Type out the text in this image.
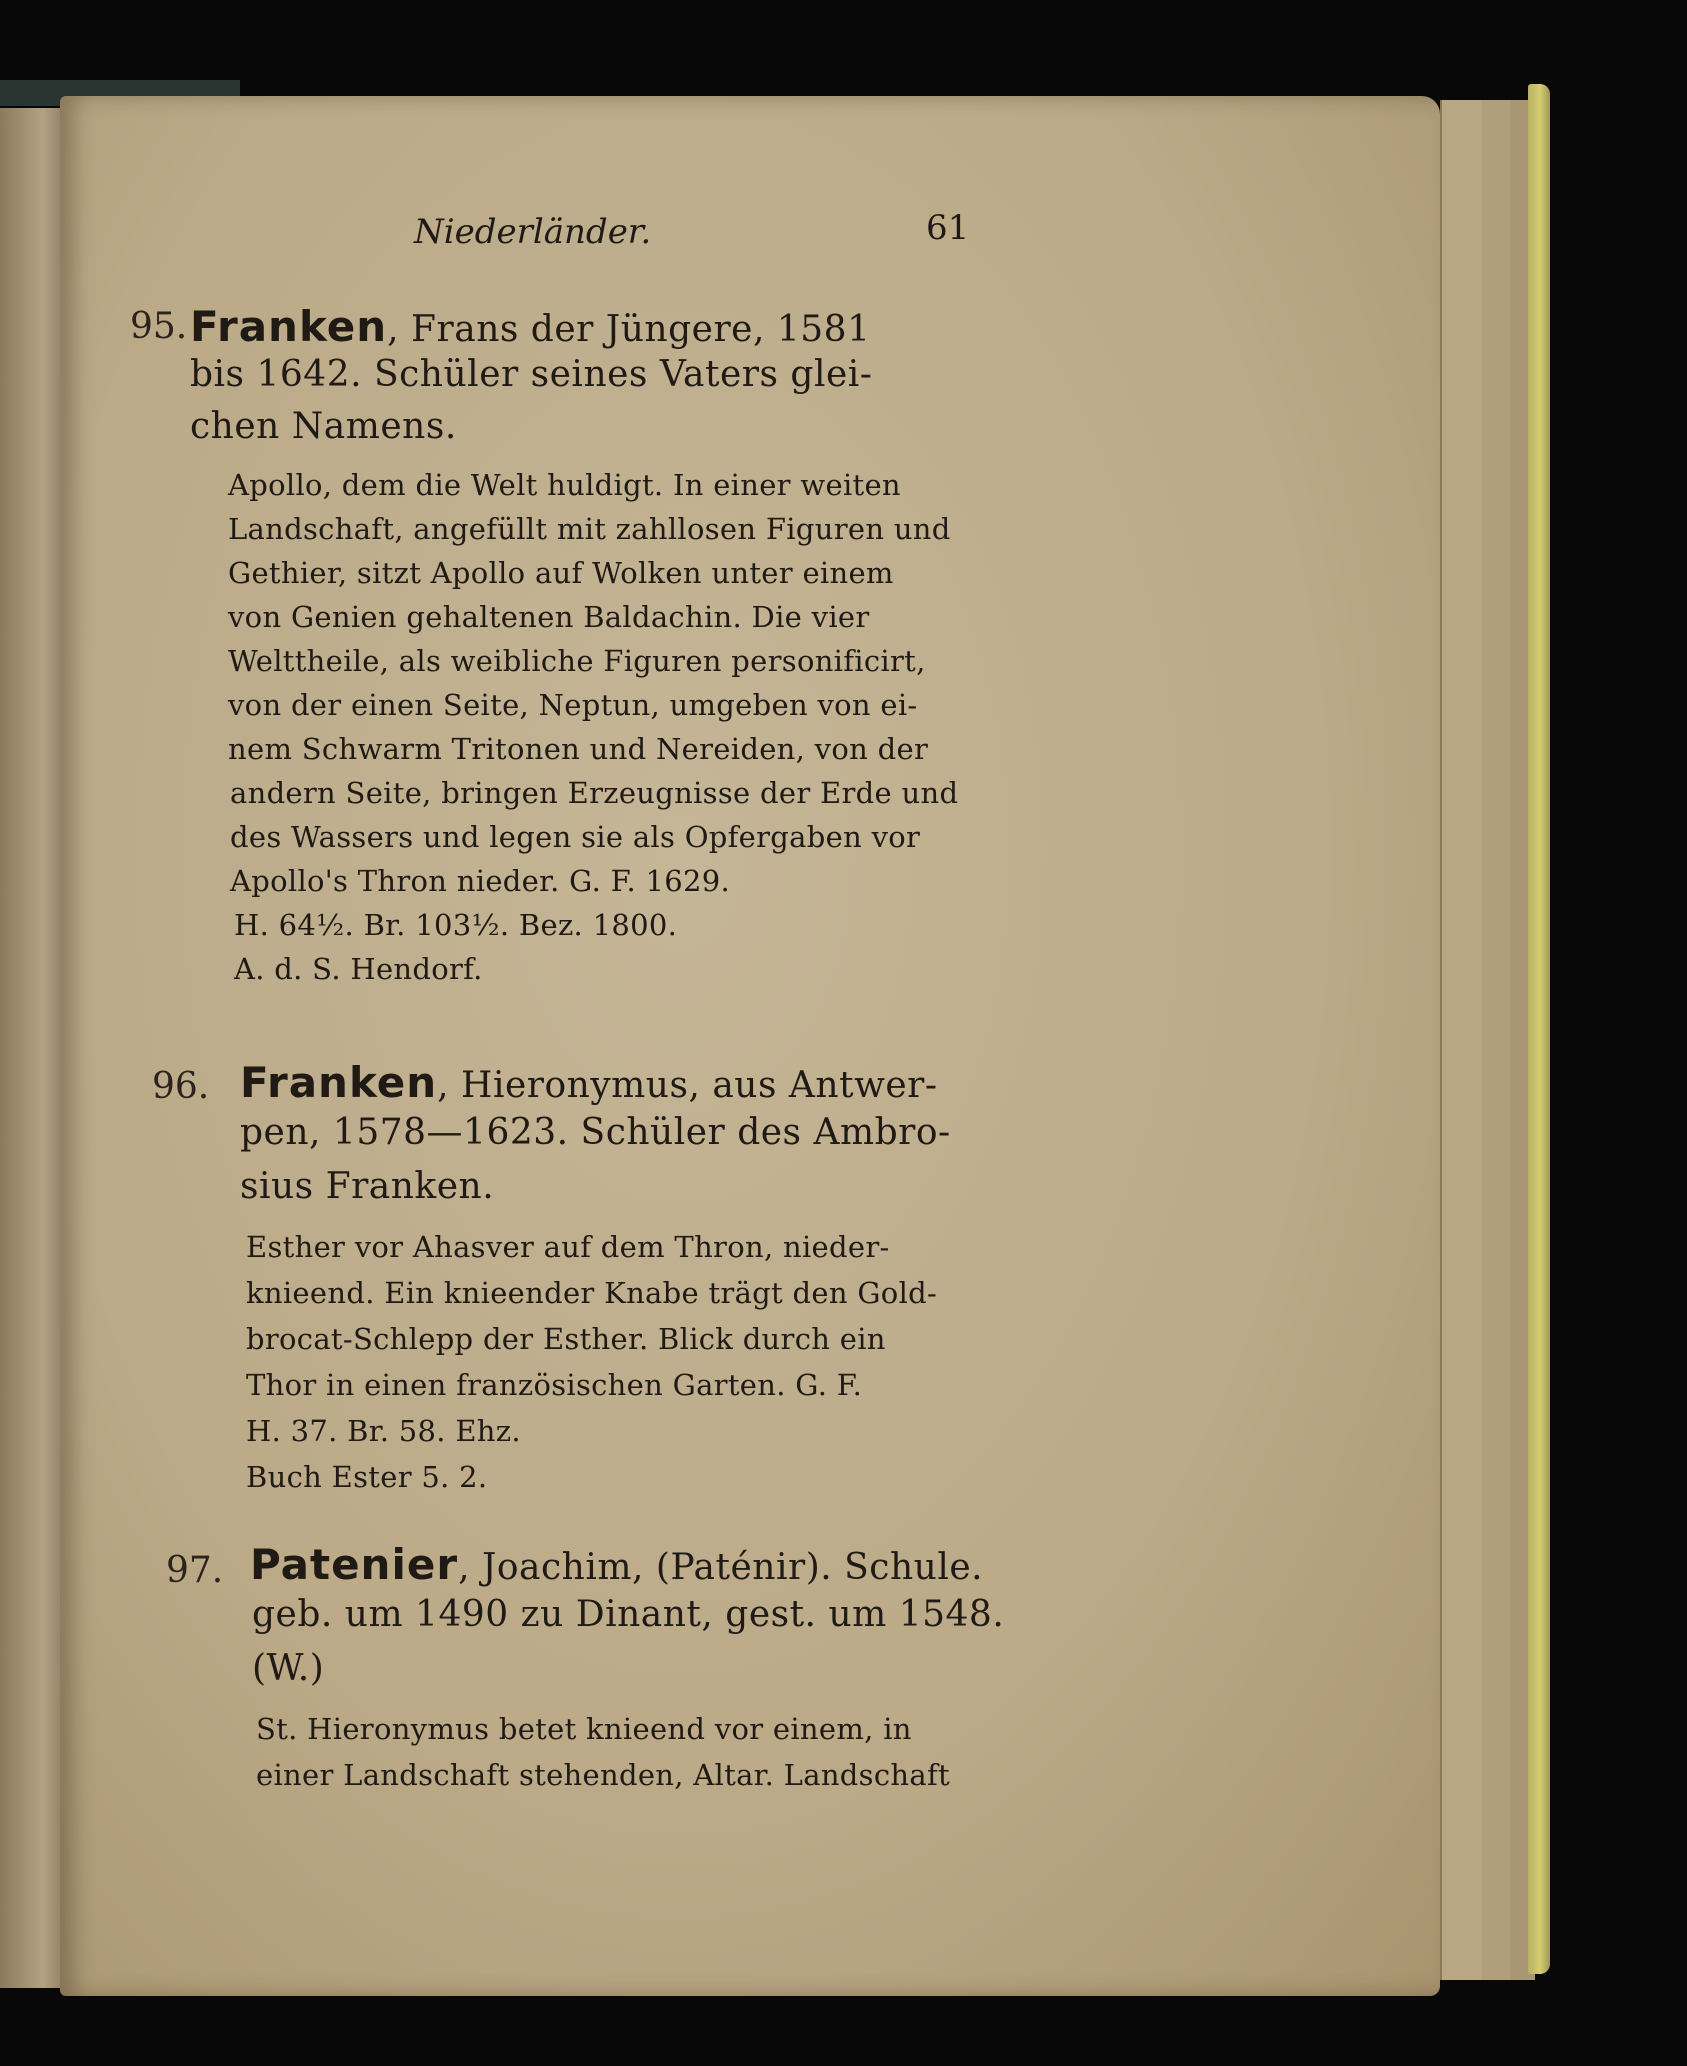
Niederländer.	61
95. Franken, Frans der Jüngere, 1581
bis 1642. Schüler seines Vaters glei-
chen Namens.
Apollo, dem die Welt huldigt. In einer weiten
Landschaft, angefüllt mit zahllosen Figuren und
Gethier, sitzt Apollo auf Wolken unter einem
von Genien gehaltenen Baldachin. Die vier
Welttheile, als weibliche Figuren personificirt,
von der einen Seite, Neptun, umgeben von ei-
nem Schwarm Tritonen und Nereiden, von der
andern Seite, bringen Erzeugnisse der Erde und
des Wassers und legen sie als Opfergaben vor
Apollo's Thron nieder. G. F. 1629.
H. 64½. Br. 103½. Bez. 1800.
A. d. S. Hendorf.
96. Franken, Hieronymus, aus Antwer-
pen, 1578—1623. Schüler des Ambro-
sius Franken.
Esther vor Ahasver auf dem Thron, nieder-
knieend. Ein knieender Knabe trägt den Gold-
brocat-Schlepp der Esther. Blick durch ein
Thor in einen französischen Garten. G. F.
H. 37. Br. 58. Ehz.
Buch Ester 5. 2.
97. Patenier, Joachim, (Paténir). Schule.
geb. um 1490 zu Dinant, gest. um 1548.
(W.)
St. Hieronymus betet knieend vor einem, in
einer Landschaft stehenden, Altar. Landschaft
